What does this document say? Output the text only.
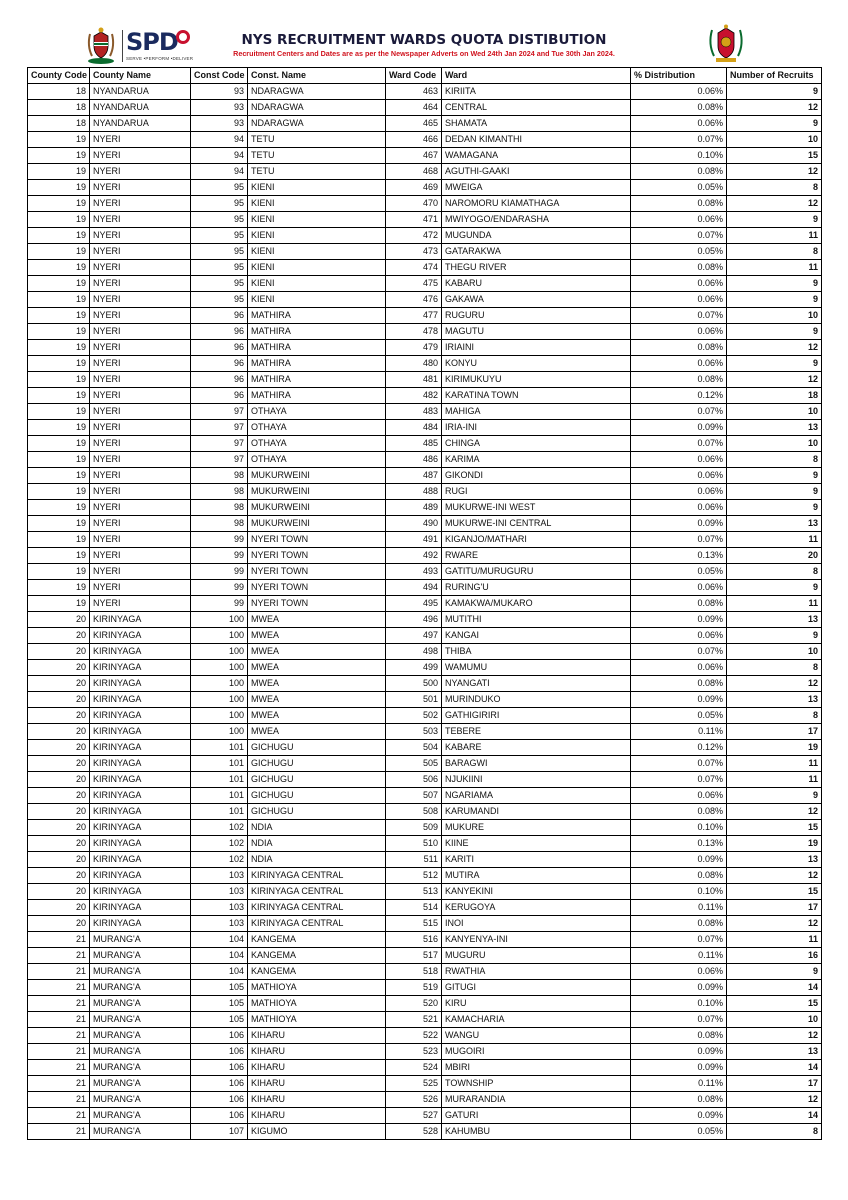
SPD
SERVE •PERFORM •DELIVER
NYS RECRUITMENT WARDS QUOTA DISTIBUTION
Recruitment Centers and Dates are as per the Newspaper Adverts on Wed 24th Jan 2024 and Tue 30th Jan 2024.
County Code	County Name	Const Code	Const. Name	Ward Code	Ward	% Distribution	Number of Recruits
18	NYANDARUA	93	NDARAGWA	463	KIRIITA	0.06%	9
18	NYANDARUA	93	NDARAGWA	464	CENTRAL	0.08%	12
18	NYANDARUA	93	NDARAGWA	465	SHAMATA	0.06%	9
19	NYERI	94	TETU	466	DEDAN KIMANTHI	0.07%	10
19	NYERI	94	TETU	467	WAMAGANA	0.10%	15
19	NYERI	94	TETU	468	AGUTHI-GAAKI	0.08%	12
19	NYERI	95	KIENI	469	MWEIGA	0.05%	8
19	NYERI	95	KIENI	470	NAROMORU KIAMATHAGA	0.08%	12
19	NYERI	95	KIENI	471	MWIYOGO/ENDARASHA	0.06%	9
19	NYERI	95	KIENI	472	MUGUNDA	0.07%	11
19	NYERI	95	KIENI	473	GATARAKWA	0.05%	8
19	NYERI	95	KIENI	474	THEGU RIVER	0.08%	11
19	NYERI	95	KIENI	475	KABARU	0.06%	9
19	NYERI	95	KIENI	476	GAKAWA	0.06%	9
19	NYERI	96	MATHIRA	477	RUGURU	0.07%	10
19	NYERI	96	MATHIRA	478	MAGUTU	0.06%	9
19	NYERI	96	MATHIRA	479	IRIAINI	0.08%	12
19	NYERI	96	MATHIRA	480	KONYU	0.06%	9
19	NYERI	96	MATHIRA	481	KIRIMUKUYU	0.08%	12
19	NYERI	96	MATHIRA	482	KARATINA TOWN	0.12%	18
19	NYERI	97	OTHAYA	483	MAHIGA	0.07%	10
19	NYERI	97	OTHAYA	484	IRIA-INI	0.09%	13
19	NYERI	97	OTHAYA	485	CHINGA	0.07%	10
19	NYERI	97	OTHAYA	486	KARIMA	0.06%	8
19	NYERI	98	MUKURWEINI	487	GIKONDI	0.06%	9
19	NYERI	98	MUKURWEINI	488	RUGI	0.06%	9
19	NYERI	98	MUKURWEINI	489	MUKURWE-INI WEST	0.06%	9
19	NYERI	98	MUKURWEINI	490	MUKURWE-INI CENTRAL	0.09%	13
19	NYERI	99	NYERI TOWN	491	KIGANJO/MATHARI	0.07%	11
19	NYERI	99	NYERI TOWN	492	RWARE	0.13%	20
19	NYERI	99	NYERI TOWN	493	GATITU/MURUGURU	0.05%	8
19	NYERI	99	NYERI TOWN	494	RURING'U	0.06%	9
19	NYERI	99	NYERI TOWN	495	KAMAKWA/MUKARO	0.08%	11
20	KIRINYAGA	100	MWEA	496	MUTITHI	0.09%	13
20	KIRINYAGA	100	MWEA	497	KANGAI	0.06%	9
20	KIRINYAGA	100	MWEA	498	THIBA	0.07%	10
20	KIRINYAGA	100	MWEA	499	WAMUMU	0.06%	8
20	KIRINYAGA	100	MWEA	500	NYANGATI	0.08%	12
20	KIRINYAGA	100	MWEA	501	MURINDUKO	0.09%	13
20	KIRINYAGA	100	MWEA	502	GATHIGIRIRI	0.05%	8
20	KIRINYAGA	100	MWEA	503	TEBERE	0.11%	17
20	KIRINYAGA	101	GICHUGU	504	KABARE	0.12%	19
20	KIRINYAGA	101	GICHUGU	505	BARAGWI	0.07%	11
20	KIRINYAGA	101	GICHUGU	506	NJUKIINI	0.07%	11
20	KIRINYAGA	101	GICHUGU	507	NGARIAMA	0.06%	9
20	KIRINYAGA	101	GICHUGU	508	KARUMANDI	0.08%	12
20	KIRINYAGA	102	NDIA	509	MUKURE	0.10%	15
20	KIRINYAGA	102	NDIA	510	KIINE	0.13%	19
20	KIRINYAGA	102	NDIA	511	KARITI	0.09%	13
20	KIRINYAGA	103	KIRINYAGA CENTRAL	512	MUTIRA	0.08%	12
20	KIRINYAGA	103	KIRINYAGA CENTRAL	513	KANYEKINI	0.10%	15
20	KIRINYAGA	103	KIRINYAGA CENTRAL	514	KERUGOYA	0.11%	17
20	KIRINYAGA	103	KIRINYAGA CENTRAL	515	INOI	0.08%	12
21	MURANG'A	104	KANGEMA	516	KANYENYA-INI	0.07%	11
21	MURANG'A	104	KANGEMA	517	MUGURU	0.11%	16
21	MURANG'A	104	KANGEMA	518	RWATHIA	0.06%	9
21	MURANG'A	105	MATHIOYA	519	GITUGI	0.09%	14
21	MURANG'A	105	MATHIOYA	520	KIRU	0.10%	15
21	MURANG'A	105	MATHIOYA	521	KAMACHARIA	0.07%	10
21	MURANG'A	106	KIHARU	522	WANGU	0.08%	12
21	MURANG'A	106	KIHARU	523	MUGOIRI	0.09%	13
21	MURANG'A	106	KIHARU	524	MBIRI	0.09%	14
21	MURANG'A	106	KIHARU	525	TOWNSHIP	0.11%	17
21	MURANG'A	106	KIHARU	526	MURARANDIA	0.08%	12
21	MURANG'A	106	KIHARU	527	GATURI	0.09%	14
21	MURANG'A	107	KIGUMO	528	KAHUMBU	0.05%	8
